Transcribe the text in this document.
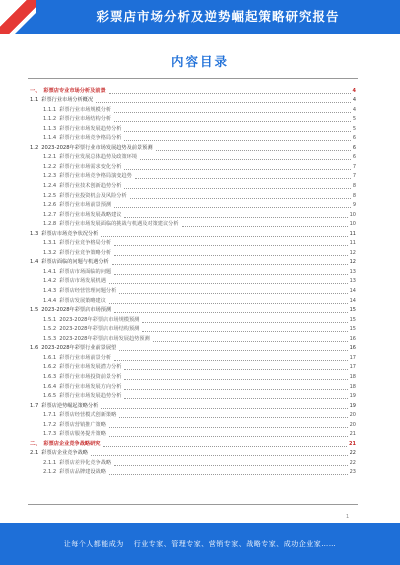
彩票店市场分析及逆势崛起策略研究报告
内容目录
一、 彩票店专业市场分析及前景	4
1.1 彩票行业市场分析概况	4
1.1.1 彩票行业市场规模分析	4
1.1.2 彩票行业市场结构分析	5
1.1.3 彩票行业市场发展趋势分析	5
1.1.4 彩票行业市场竞争格局分析	6
1.2 2023-2028年彩票行业市场发展趋势及前景预测	6
1.2.1 彩票行业发展总体趋势及政策环境	6
1.2.2 彩票行业市场需求变化分析	7
1.2.3 彩票行业市场竞争格局演变趋势	7
1.2.4 彩票行业技术创新趋势分析	8
1.2.5 彩票行业投资机会及风险分析	8
1.2.6 彩票行业市场前景预测	9
1.2.7 彩票行业市场发展战略建议	10
1.2.8 彩票行业市场发展面临的挑战与机遇及对策建议分析	10
1.3 彩票店市场竞争状况分析	11
1.3.1 彩票行业竞争格局分析	11
1.3.2 彩票行业竞争策略分析	12
1.4 彩票店面临的问题与机遇分析	12
1.4.1 彩票店市场面临的问题	13
1.4.2 彩票店市场发展机遇	13
1.4.3 彩票店经营管理问题分析	14
1.4.4 彩票店发展策略建议	14
1.5 2023-2028年彩票店市场预测	15
1.5.1 2023-2028年彩票店市场规模预测	15
1.5.2 2023-2028年彩票店市场结构预测	15
1.5.3 2023-2028年彩票店市场发展趋势预测	16
1.6 2023-2028年彩票行业前景展望	16
1.6.1 彩票行业市场前景分析	17
1.6.2 彩票行业市场发展潜力分析	17
1.6.3 彩票行业市场投资前景分析	18
1.6.4 彩票行业市场发展方向分析	18
1.6.5 彩票行业市场发展趋势分析	19
1.7 彩票店逆势崛起策略分析	19
1.7.1 彩票店经营模式创新策略	20
1.7.2 彩票店营销推广策略	20
1.7.3 彩票店服务提升策略	21
二、 彩票店企业竞争战略研究	21
2.1 彩票店企业竞争战略	22
2.1.1 彩票店差异化竞争战略	22
2.1.2 彩票店品牌建设战略	23
1
让每个人都能成为 行业专家、管理专家、营销专家、战略专家、成功企业家……
